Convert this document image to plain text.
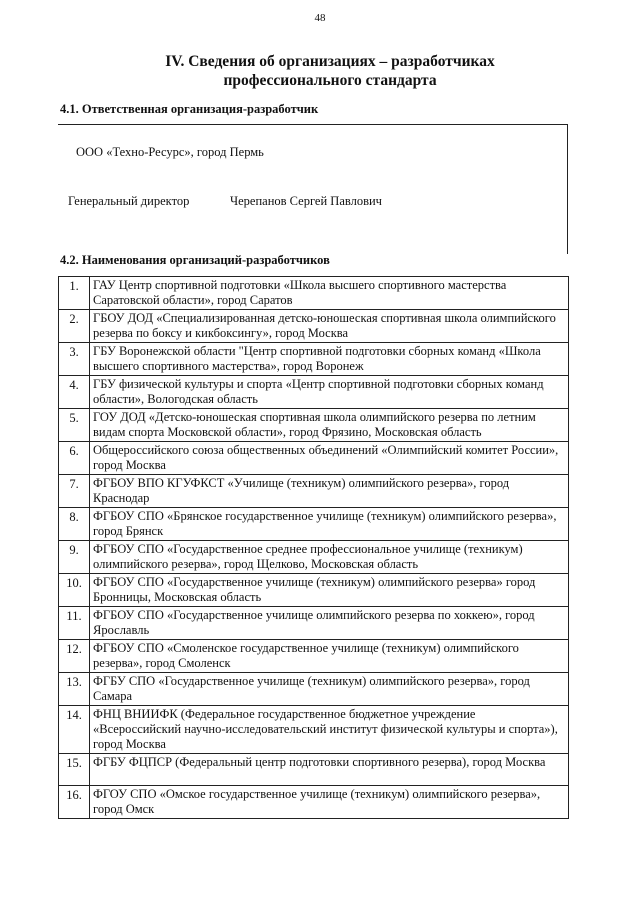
48
IV. Сведения об организациях – разработчиках
профессионального стандарта
4.1. Ответственная организация-разработчик
ООО «Техно-Ресурс», город Пермь
Генеральный директор	Черепанов Сергей Павлович
4.2. Наименования организаций-разработчиков
1.	ГАУ Центр спортивной подготовки «Школа высшего спортивного мастерства Саратовской области», город Саратов
2.	ГБОУ ДОД «Специализированная детско-юношеская спортивная школа олимпийского резерва по боксу и кикбоксингу», город Москва
3.	ГБУ Воронежской области "Центр спортивной подготовки сборных команд «Школа высшего спортивного мастерства», город Воронеж
4.	ГБУ физической культуры и спорта «Центр спортивной подготовки сборных команд области», Вологодская область
5.	ГОУ ДОД «Детско-юношеская спортивная школа олимпийского резерва по летним видам спорта Московской области», город Фрязино, Московская область
6.	Общероссийского союза общественных объединений «Олимпийский комитет России», город Москва
7.	ФГБОУ ВПО КГУФКСТ «Училище (техникум) олимпийского резерва», город Краснодар
8.	ФГБОУ СПО «Брянское государственное училище (техникум) олимпийского резерва», город Брянск
9.	ФГБОУ СПО «Государственное среднее профессиональное училище (техникум) олимпийского резерва», город Щелково, Московская область
10.	ФГБОУ СПО «Государственное училище (техникум) олимпийского резерва» город Бронницы, Московская область
11.	ФГБОУ СПО «Государственное училище олимпийского резерва по хоккею», город Ярославль
12.	ФГБОУ СПО «Смоленское государственное училище (техникум) олимпийского резерва», город Смоленск
13.	ФГБУ СПО «Государственное училище (техникум) олимпийского резерва», город Самара
14.	ФНЦ ВНИИФК (Федеральное государственное бюджетное учреждение «Всероссийский научно-исследовательский институт физической культуры и спорта»), город Москва
15.	ФГБУ ФЦПСР (Федеральный центр подготовки спортивного резерва), город Москва
16.	ФГОУ СПО «Омское государственное училище (техникум) олимпийского резерва», город Омск
